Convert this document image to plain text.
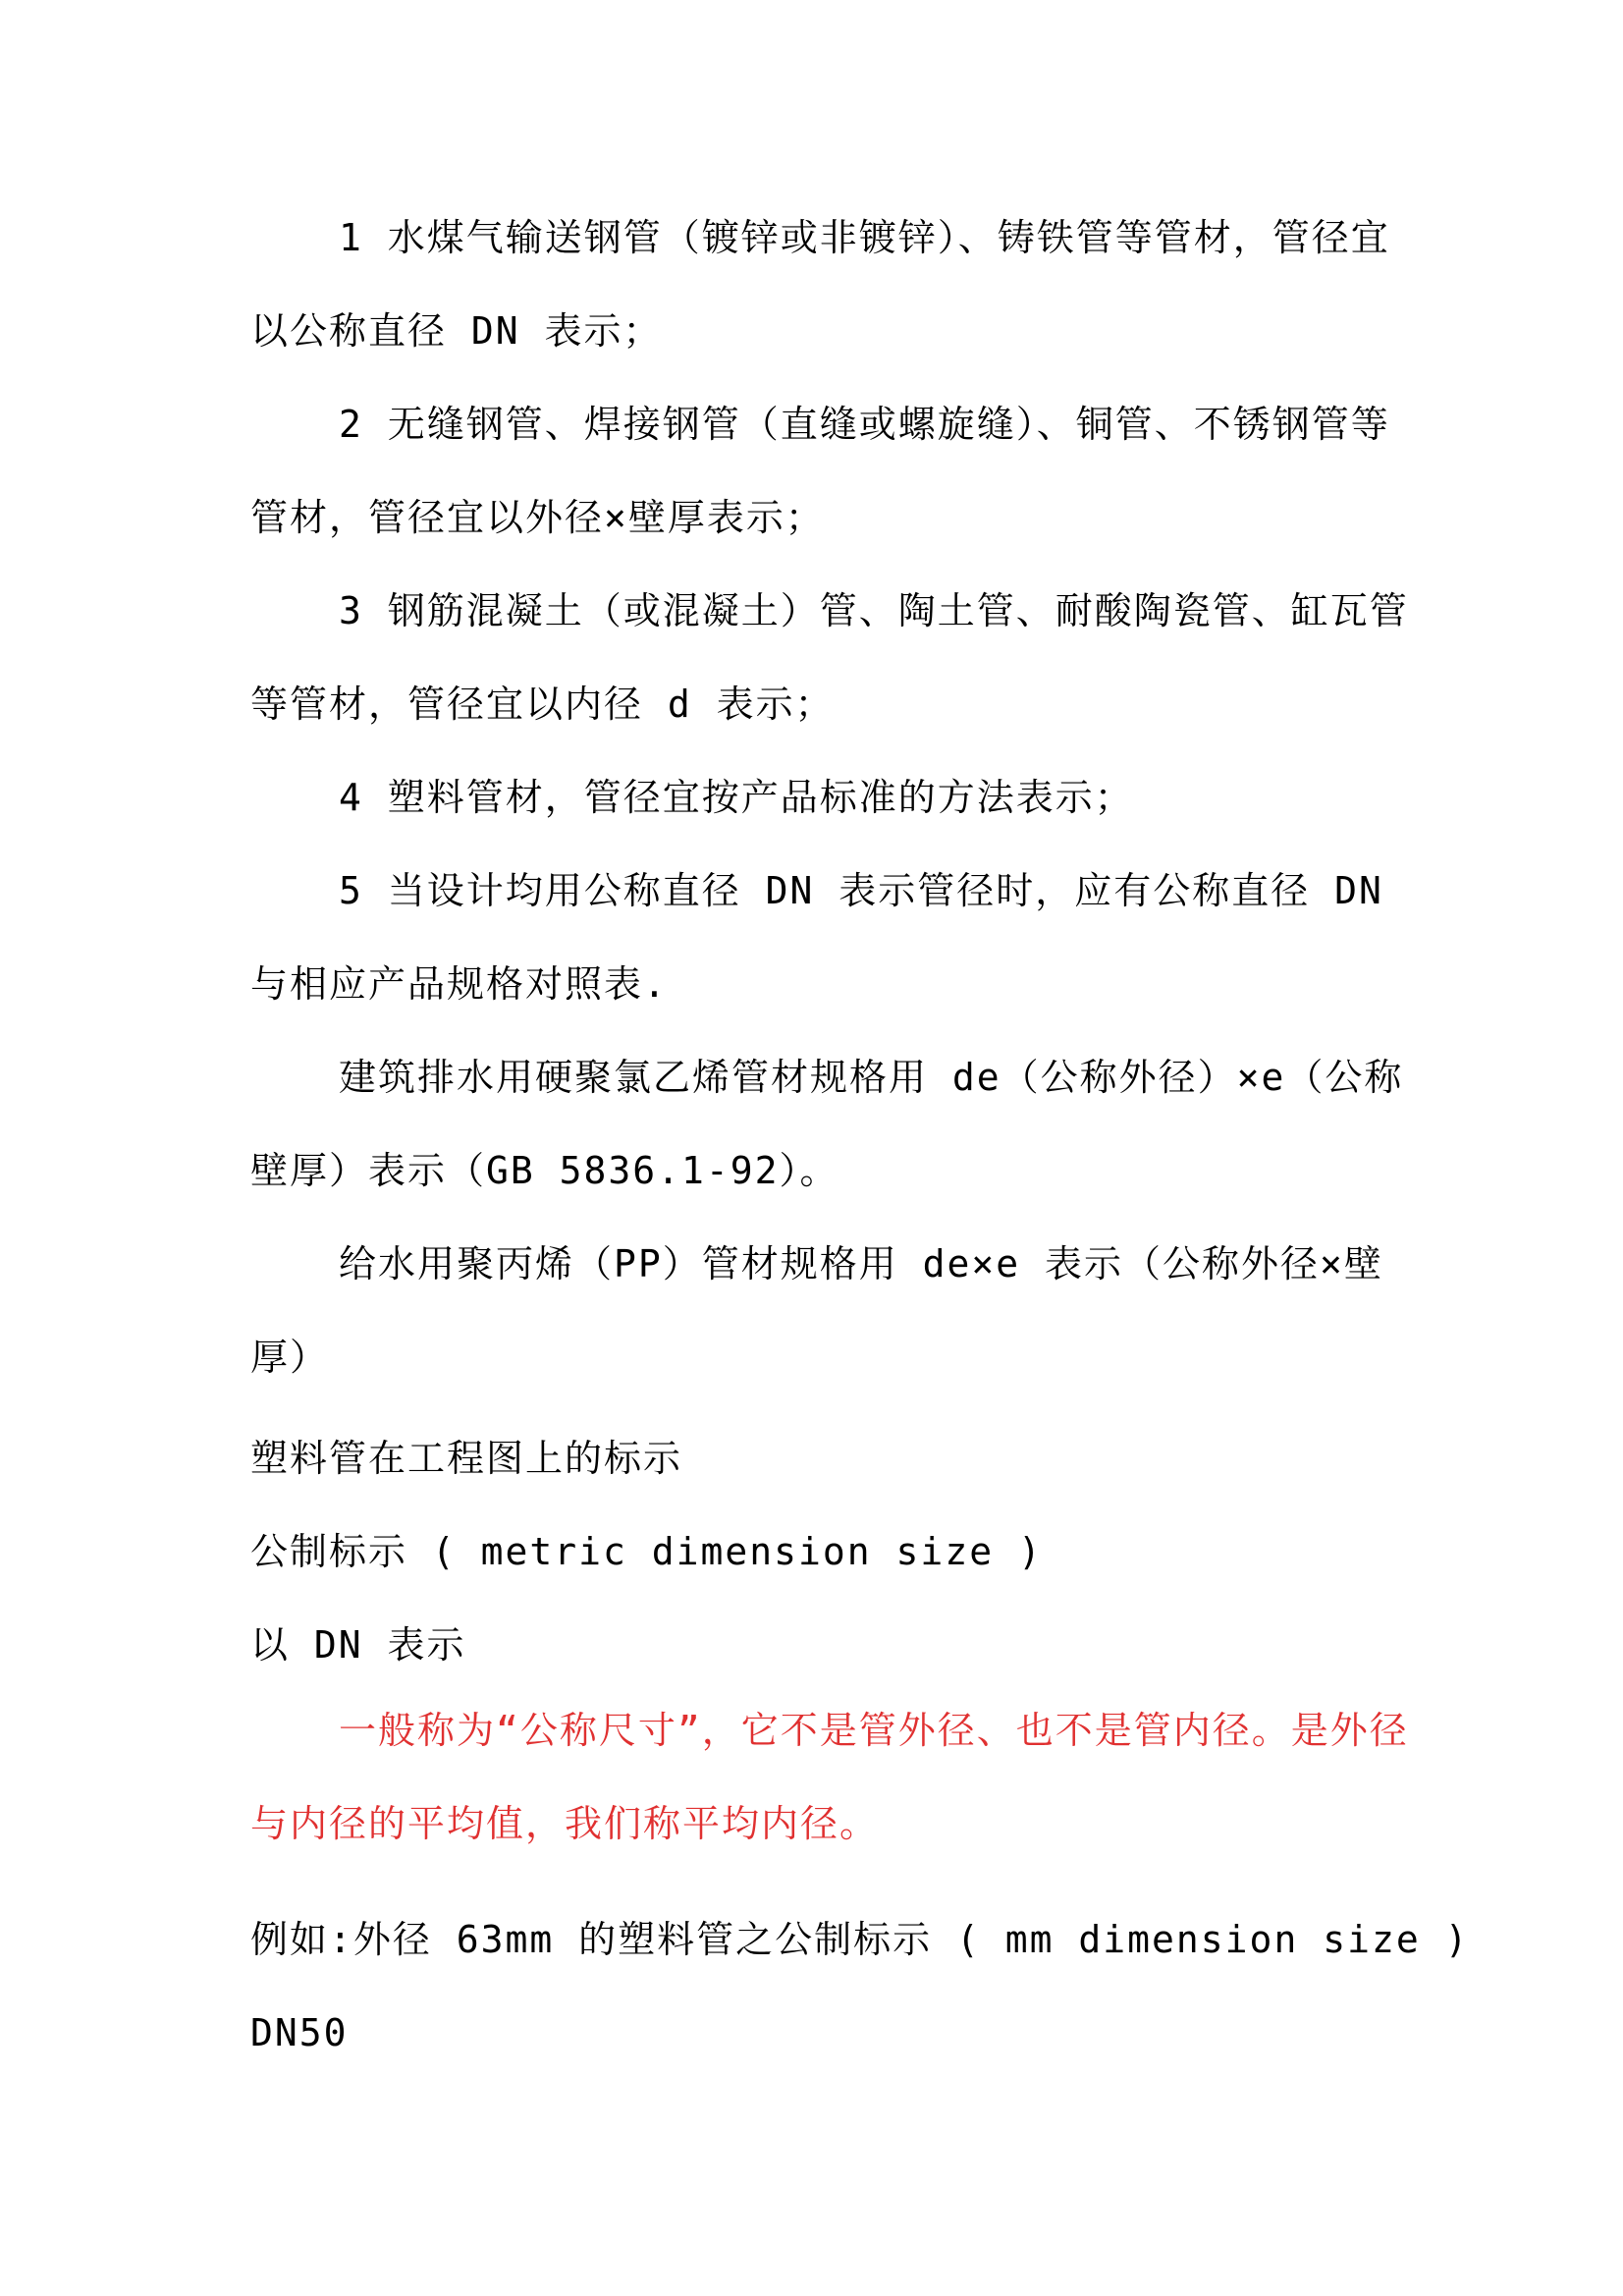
1 水煤气输送钢管（镀锌或非镀锌）、铸铁管等管材，管径宜以公称直径 DN 表示；

2 无缝钢管、焊接钢管（直缝或螺旋缝）、铜管、不锈钢管等管材，管径宜以外径×壁厚表示；

3 钢筋混凝土（或混凝土）管、陶土管、耐酸陶瓷管、缸瓦管等管材，管径宜以内径 d 表示；

4 塑料管材，管径宜按产品标准的方法表示；

5 当设计均用公称直径 DN 表示管径时，应有公称直径 DN 与相应产品规格对照表.

建筑排水用硬聚氯乙烯管材规格用 de（公称外径）×e（公称壁厚）表示（GB 5836.1-92）。

给水用聚丙烯（PP）管材规格用 de×e 表示（公称外径×壁厚）

塑料管在工程图上的标示

公制标示 ( metric dimension size )

以 DN 表示

一般称为“公称尺寸”，它不是管外径、也不是管内径。是外径与内径的平均值，我们称平均内径。

例如:外径 63mm 的塑料管之公制标示 ( mm dimension size )

DN50
